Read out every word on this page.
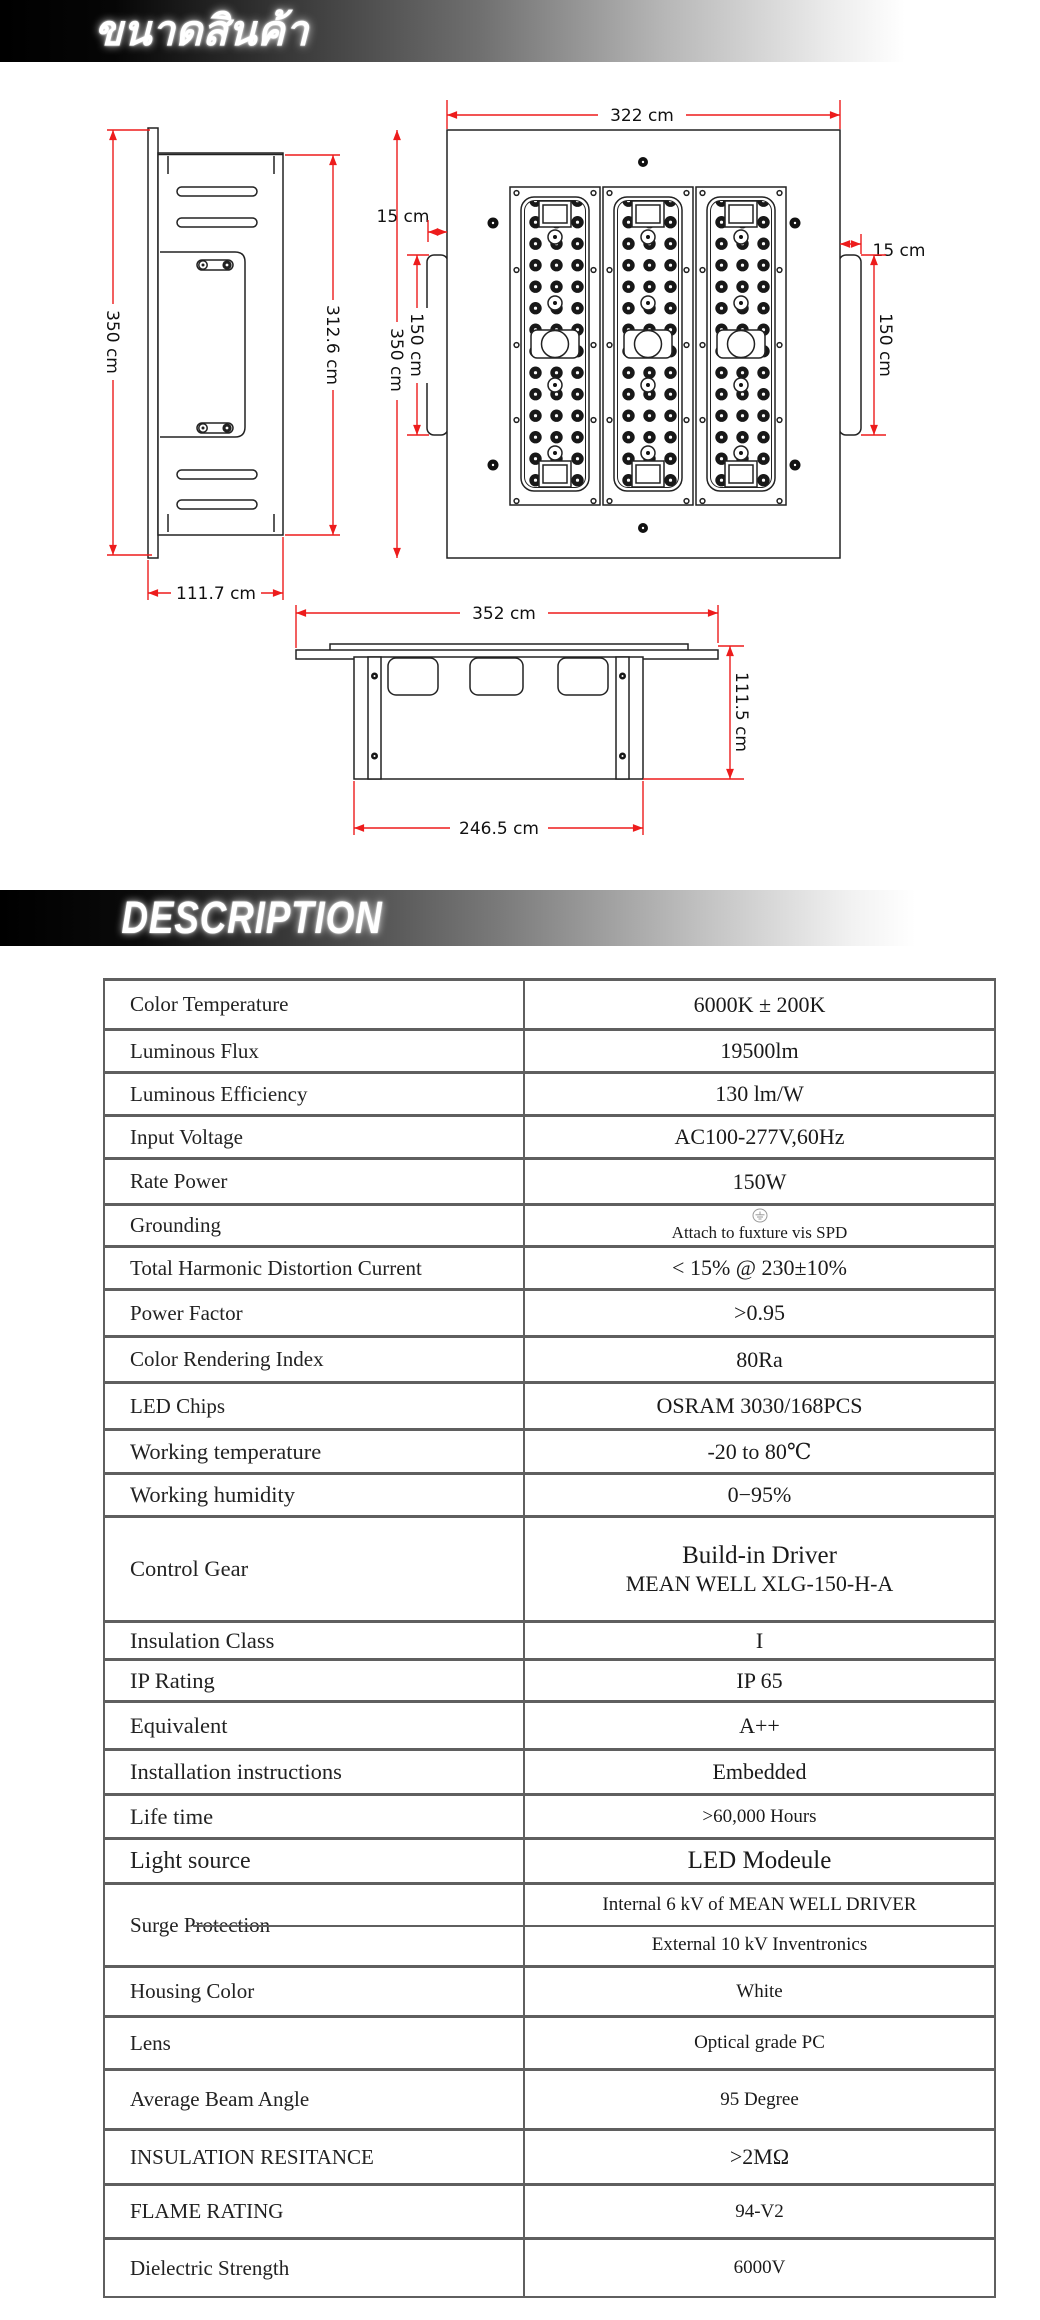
ขนาดสินค้า
350 cm	312.6 cm
111.7 cm
322 cm
15 cm
350 cm 150 cm
15 cm
150 cm
352 cm
111.5 cm
246.5 cm
DESCRIPTION
Color Temperature	6000K ± 200K
Luminous Flux	19500lm
Luminous Efficiency	130 lm/W
Input Voltage	AC100-277V,60Hz
Rate Power	150W
Grounding	Attach to fuxture vis SPD
Total Harmonic Distortion Current	< 15% @ 230±10%
Power Factor	>0.95
Color Rendering Index	80Ra
LED Chips	OSRAM 3030/168PCS
Working temperature	-20 to 80℃
Working humidity	0−95%
Control Gear	Build-in Driver
MEAN WELL XLG-150-H-A
Insulation Class	I
IP Rating	IP 65
Equivalent	A++
Installation instructions	Embedded
Life time	>60,000 Hours
Light source	LED Modeule
Surge Protection
Internal 6 kV of MEAN WELL DRIVER
External 10 kV Inventronics
Housing Color	White
Lens	Optical grade PC
Average Beam Angle	95 Degree
INSULATION RESITANCE	>2MΩ
FLAME RATING	94-V2
Dielectric Strength	6000V
